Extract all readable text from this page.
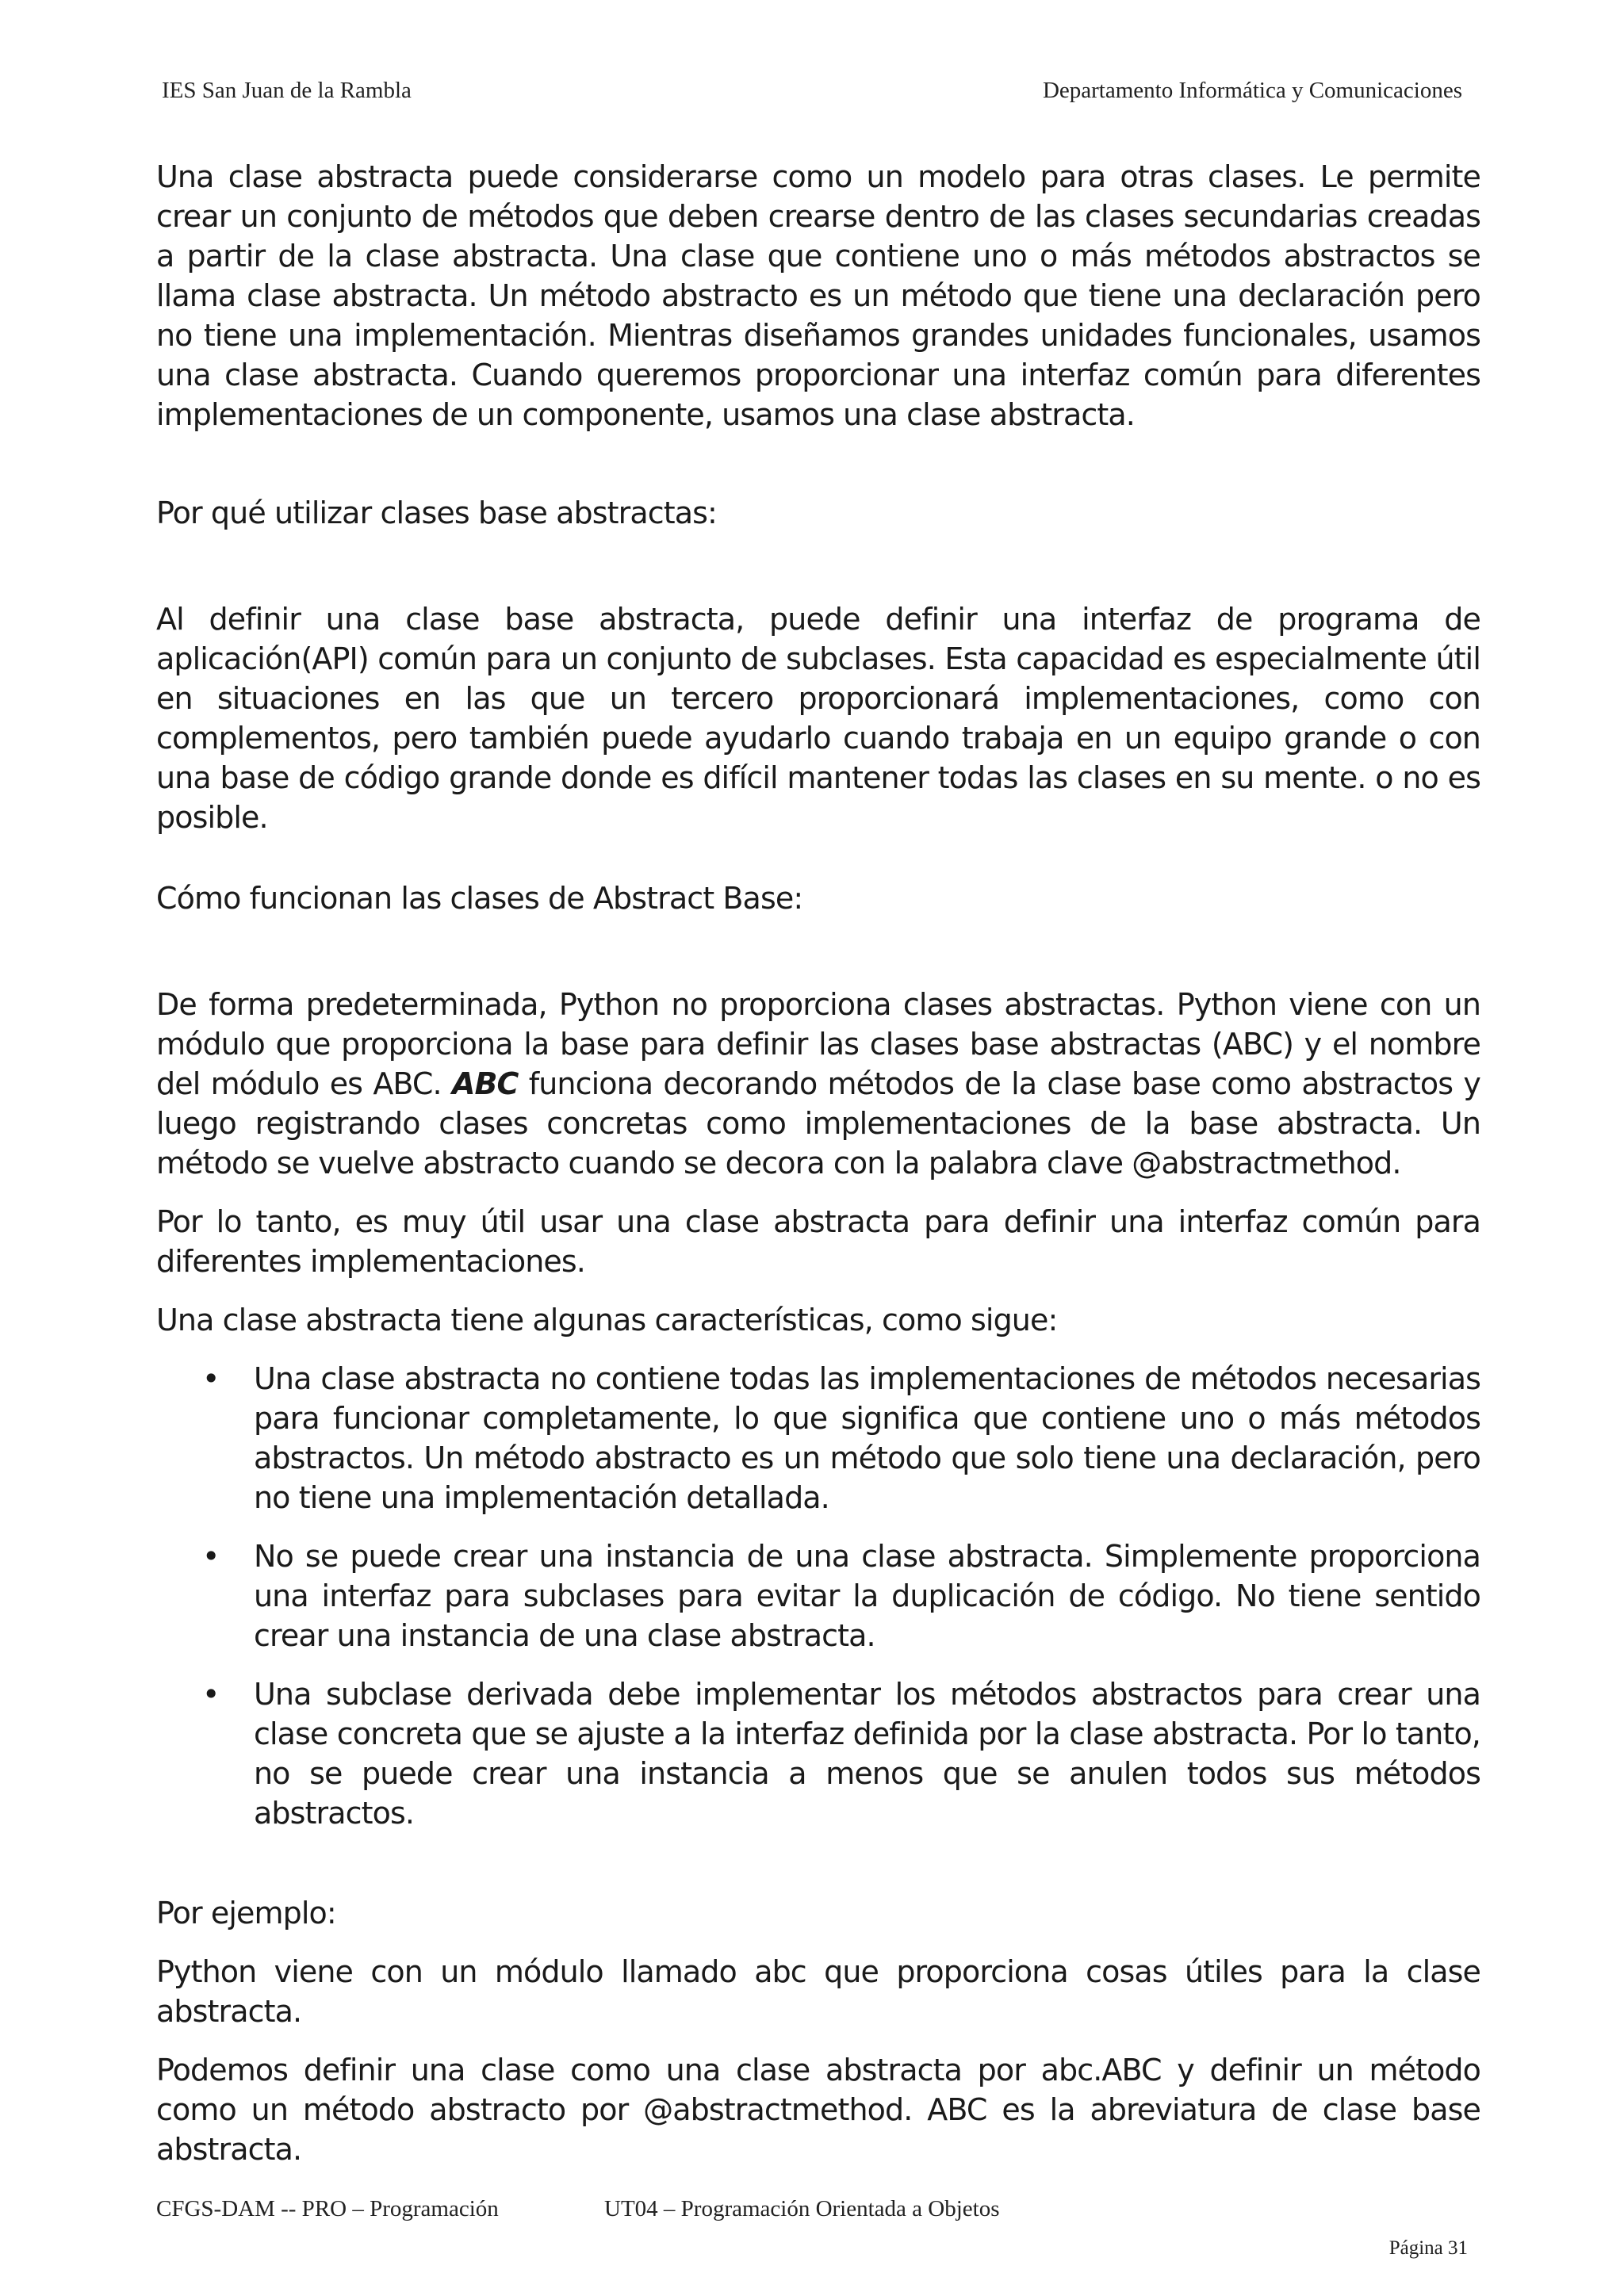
IES San Juan de la Rambla	Departamento Informática y Comunicaciones

Una clase abstracta puede considerarse como un modelo para otras clases. Le permite crear un conjunto de métodos que deben crearse dentro de las clases secundarias creadas a partir de la clase abstracta. Una clase que contiene uno o más métodos abstractos se llama clase abstracta. Un método abstracto es un método que tiene una declaración pero no tiene una implementación. Mientras diseñamos grandes unidades funcionales, usamos una clase abstracta. Cuando queremos proporcionar una interfaz común para diferentes implementaciones de un componente, usamos una clase abstracta.

Por qué utilizar clases base abstractas:

Al definir una clase base abstracta, puede definir una interfaz de programa de aplicación(API) común para un conjunto de subclases. Esta capacidad es especialmente útil en situaciones en las que un tercero proporcionará implementaciones, como con complementos, pero también puede ayudarlo cuando trabaja en un equipo grande o con una base de código grande donde es difícil mantener todas las clases en su mente. o no es posible.

Cómo funcionan las clases de Abstract Base:

De forma predeterminada, Python no proporciona clases abstractas. Python viene con un módulo que proporciona la base para definir las clases base abstractas (ABC) y el nombre del módulo es ABC. ABC funciona decorando métodos de la clase base como abstractos y luego registrando clases concretas como implementaciones de la base abstracta. Un método se vuelve abstracto cuando se decora con la palabra clave @abstractmethod.

Por lo tanto, es muy útil usar una clase abstracta para definir una interfaz común para diferentes implementaciones.

Una clase abstracta tiene algunas características, como sigue:

• Una clase abstracta no contiene todas las implementaciones de métodos necesarias para funcionar completamente, lo que significa que contiene uno o más métodos abstractos. Un método abstracto es un método que solo tiene una declaración, pero no tiene una implementación detallada.
• No se puede crear una instancia de una clase abstracta. Simplemente proporciona una interfaz para subclases para evitar la duplicación de código. No tiene sentido crear una instancia de una clase abstracta.
• Una subclase derivada debe implementar los métodos abstractos para crear una clase concreta que se ajuste a la interfaz definida por la clase abstracta. Por lo tanto, no se puede crear una instancia a menos que se anulen todos sus métodos abstractos.

Por ejemplo:

Python viene con un módulo llamado abc que proporciona cosas útiles para la clase abstracta.

Podemos definir una clase como una clase abstracta por abc.ABC y definir un método como un método abstracto por @abstractmethod. ABC es la abreviatura de clase base abstracta.

CFGS-DAM -- PRO – Programación	UT04 – Programación Orientada a Objetos
Página 31
